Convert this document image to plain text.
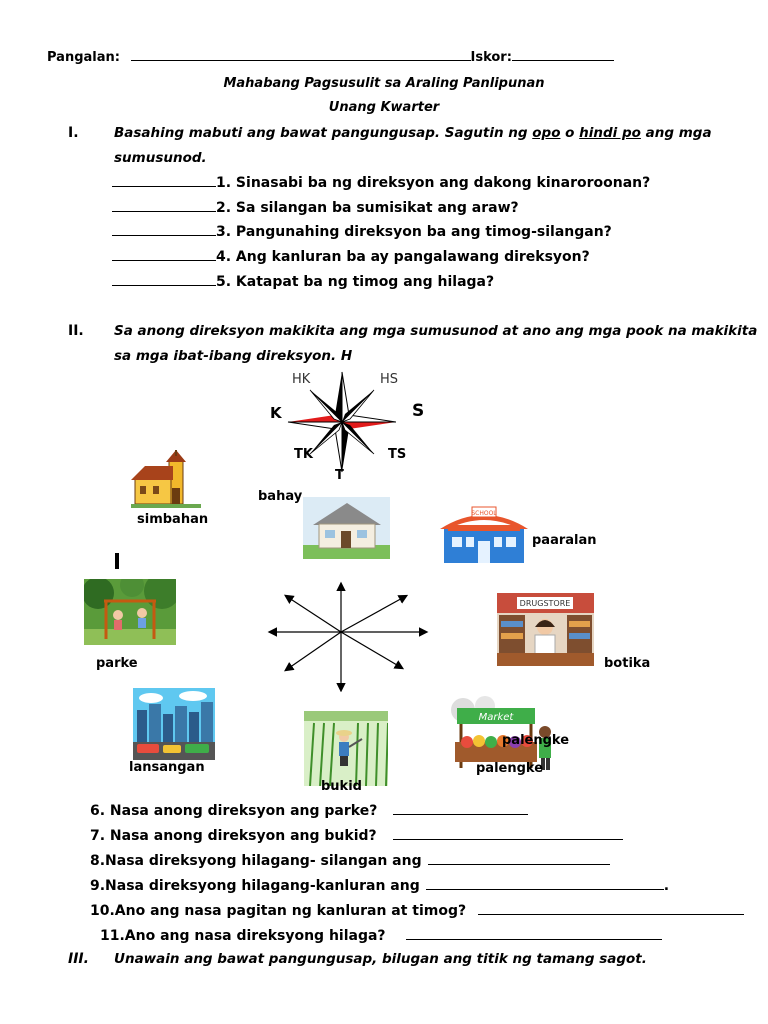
Pangalan:	Iskor:
Mahabang Pagsusulit sa Araling Panlipunan
Unang Kwarter
I.	Basahing mabuti ang bawat pangungusap. Sagutin ng opo o hindi po ang mga
sumusunod.
1. Sinasabi ba ng direksyon ang dakong kinaroroonan?
2. Sa silangan ba sumisikat ang araw?
3. Pangunahing direksyon ba ang timog-silangan?
4. Ang kanluran ba ay pangalawang direksyon?
5. Katapat ba ng timog ang hilaga?
II. Sa anong direksyon makikita ang mga sumusunod at ano ang mga pook na makikita
sa mga ibat-ibang direksyon. H
HK	HS
K	S
TK	TS
T
simbahan
bahay
SCHOOL
paaralan
parke
DRUGSTORE
botika
lansangan
bukid
Market
palengke
palengke
6. Nasa anong direksyon ang parke?
7. Nasa anong direksyon ang bukid?
8.Nasa direksyong hilagang- silangan ang
9.Nasa direksyong hilagang-kanluran ang	.
10.Ano ang nasa pagitan ng kanluran at timog?
11.Ano ang nasa direksyong hilaga?
III. Unawain ang bawat pangungusap, bilugan ang titik ng tamang sagot.
